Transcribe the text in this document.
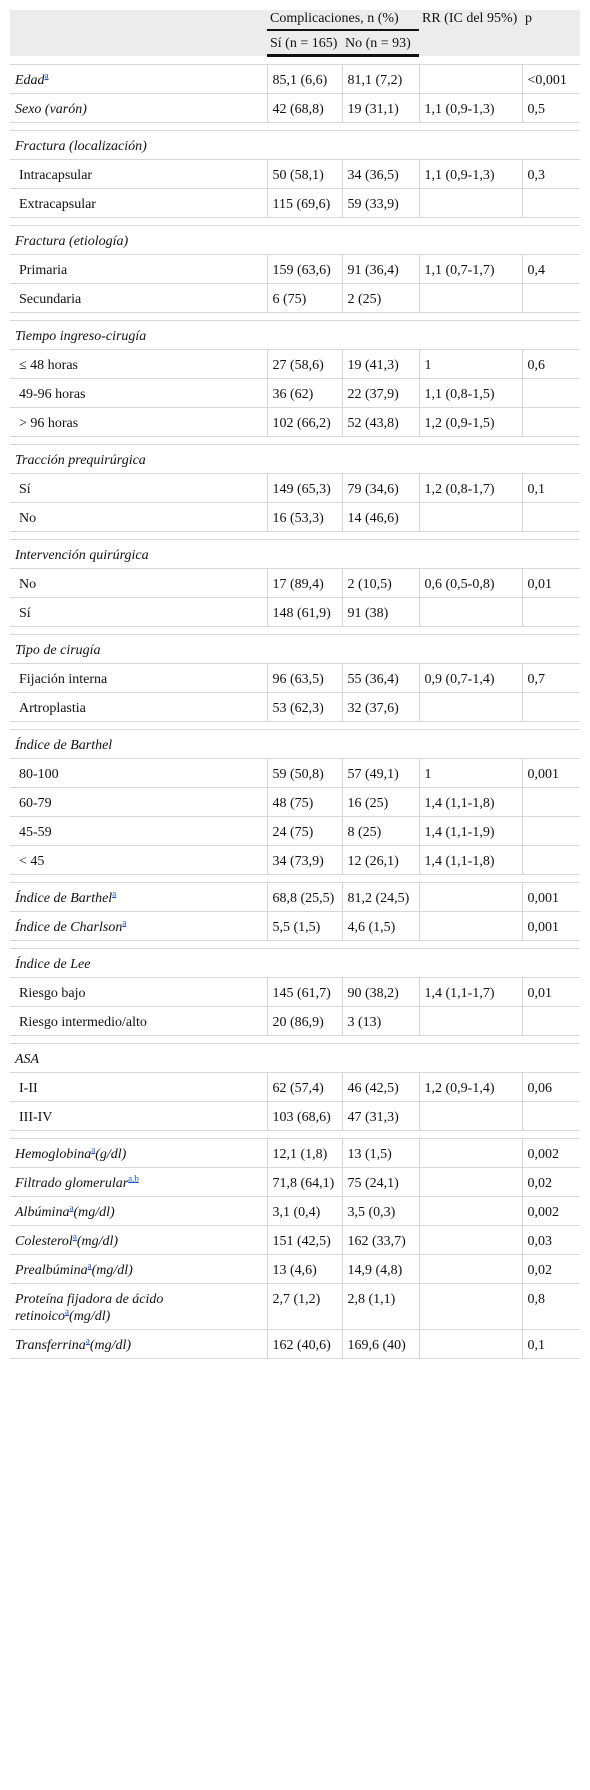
	Complicaciones, n (%)		RR (IC del 95%)	p
	Sí (n = 165)	No (n = 93)		

Edad$^a$	85,1 (6,6)	81,1 (7,2)		<0,001
Sexo (varón)	42 (68,8)	19 (31,1)	1,1 (0,9-1,3)	0,5

Fractura (localización)				
Intracapsular	50 (58,1)	34 (36,5)	1,1 (0,9-1,3)	0,3
Extracapsular	115 (69,6)	59 (33,9)		

Fractura (etiología)				
Primaria	159 (63,6)	91 (36,4)	1,1 (0,7-1,7)	0,4
Secundaria	6 (75)	2 (25)		

Tiempo ingreso-cirugía				
≤ 48 horas	27 (58,6)	19 (41,3)	1	0,6
49-96 horas	36 (62)	22 (37,9)	1,1 (0,8-1,5)	
> 96 horas	102 (66,2)	52 (43,8)	1,2 (0,9-1,5)	

Tracción prequirúrgica				
Sí	149 (65,3)	79 (34,6)	1,2 (0,8-1,7)	0,1
No	16 (53,3)	14 (46,6)		

Intervención quirúrgica				
No	17 (89,4)	2 (10,5)	0,6 (0,5-0,8)	0,01
Sí	148 (61,9)	91 (38)		

Tipo de cirugía				
Fijación interna	96 (63,5)	55 (36,4)	0,9 (0,7-1,4)	0,7
Artroplastia	53 (62,3)	32 (37,6)		

Índice de Barthel				
80-100	59 (50,8)	57 (49,1)	1	0,001
60-79	48 (75)	16 (25)	1,4 (1,1-1,8)	
45-59	24 (75)	8 (25)	1,4 (1,1-1,9)	
< 45	34 (73,9)	12 (26,1)	1,4 (1,1-1,8)	

Índice de Barthel$^a$	68,8 (25,5)	81,2 (24,5)		0,001
Índice de Charlson$^a$	5,5 (1,5)	4,6 (1,5)		0,001

Índice de Lee				
Riesgo bajo	145 (61,7)	90 (38,2)	1,4 (1,1-1,7)	0,01
Riesgo intermedio/alto	20 (86,9)	3 (13)		

ASA				
I-II	62 (57,4)	46 (42,5)	1,2 (0,9-1,4)	0,06
III-IV	103 (68,6)	47 (31,3)		

Hemoglobina$^a$(g/dl)	12,1 (1,8)	13 (1,5)		0,002
Filtrado glomerular$^{a,b}$	71,8 (64,1)	75 (24,1)		0,02
Albúmina$^a$(mg/dl)	3,1 (0,4)	3,5 (0,3)		0,002
Colesterol$^a$(mg/dl)	151 (42,5)	162 (33,7)		0,03
Prealbúmina$^a$(mg/dl)	13 (4,6)	14,9 (4,8)		0,02
Proteína fijadora de ácido retinoico$^a$(mg/dl)	2,7 (1,2)	2,8 (1,1)		0,8
Transferrina$^a$(mg/dl)	162 (40,6)	169,6 (40)		0,1
